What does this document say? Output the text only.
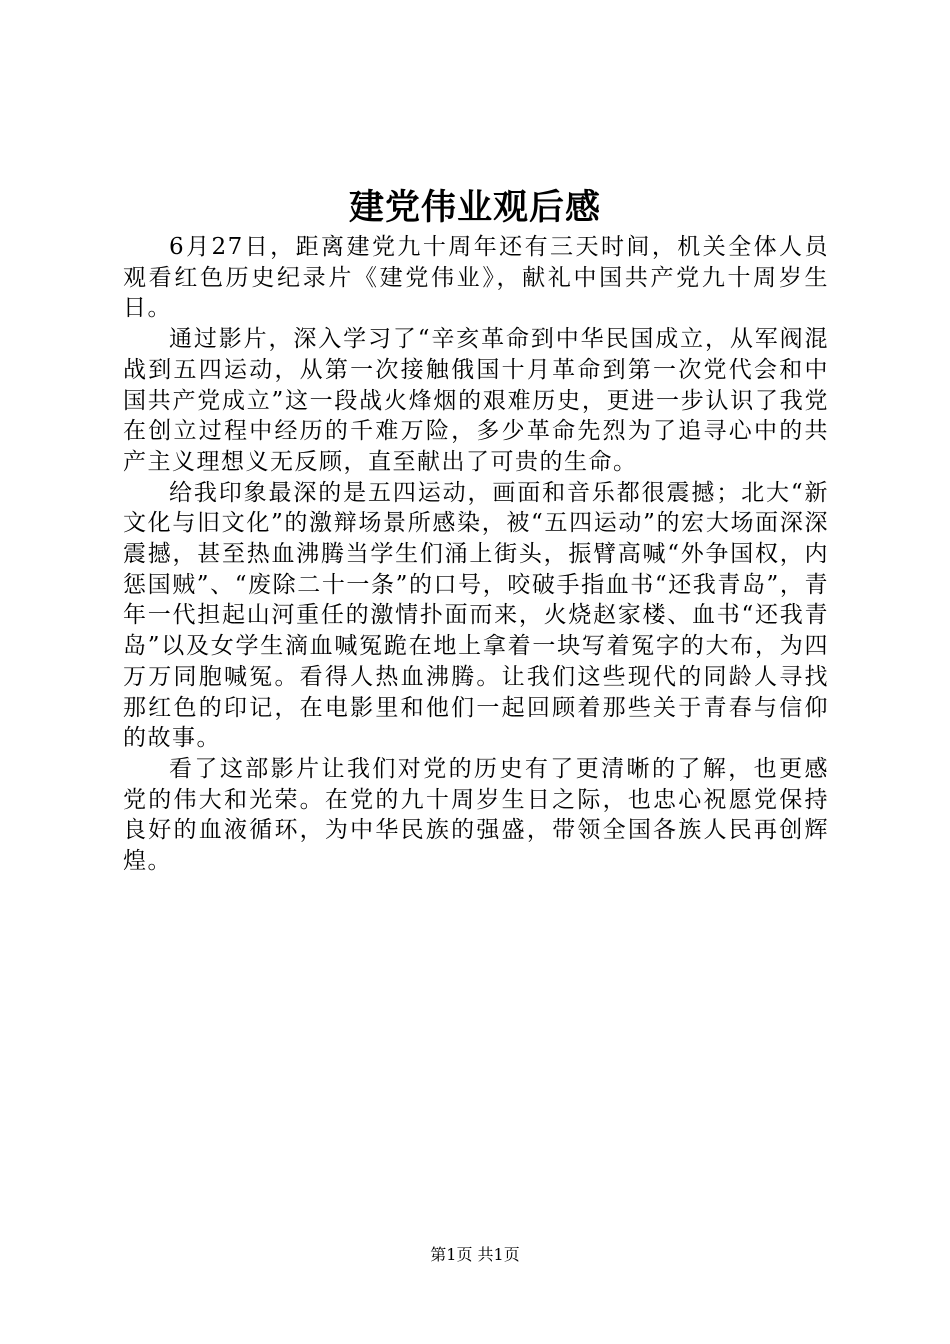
建党伟业观后感

6月27日，距离建党九十周年还有三天时间，机关全体人员观看红色历史纪录片《建党伟业》，献礼中国共产党九十周岁生日。

通过影片，深入学习了“辛亥革命到中华民国成立，从军阀混战到五四运动，从第一次接触俄国十月革命到第一次党代会和中国共产党成立”这一段战火烽烟的艰难历史，更进一步认识了我党在创立过程中经历的千难万险，多少革命先烈为了追寻心中的共产主义理想义无反顾，直至献出了可贵的生命。

给我印象最深的是五四运动，画面和音乐都很震撼；北大“新文化与旧文化”的激辩场景所感染，被“五四运动”的宏大场面深深震撼，甚至热血沸腾当学生们涌上街头，振臂高喊“外争国权，内惩国贼”、“废除二十一条”的口号，咬破手指血书“还我青岛”，青年一代担起山河重任的激情扑面而来，火烧赵家楼、血书“还我青岛”以及女学生滴血喊冤跪在地上拿着一块写着冤字的大布，为四万万同胞喊冤。看得人热血沸腾。让我们这些现代的同龄人寻找那红色的印记，在电影里和他们一起回顾着那些关于青春与信仰的故事。

看了这部影片让我们对党的历史有了更清晰的了解，也更感党的伟大和光荣。在党的九十周岁生日之际，也忠心祝愿党保持良好的血液循环，为中华民族的强盛，带领全国各族人民再创辉煌。

第1页 共1页
